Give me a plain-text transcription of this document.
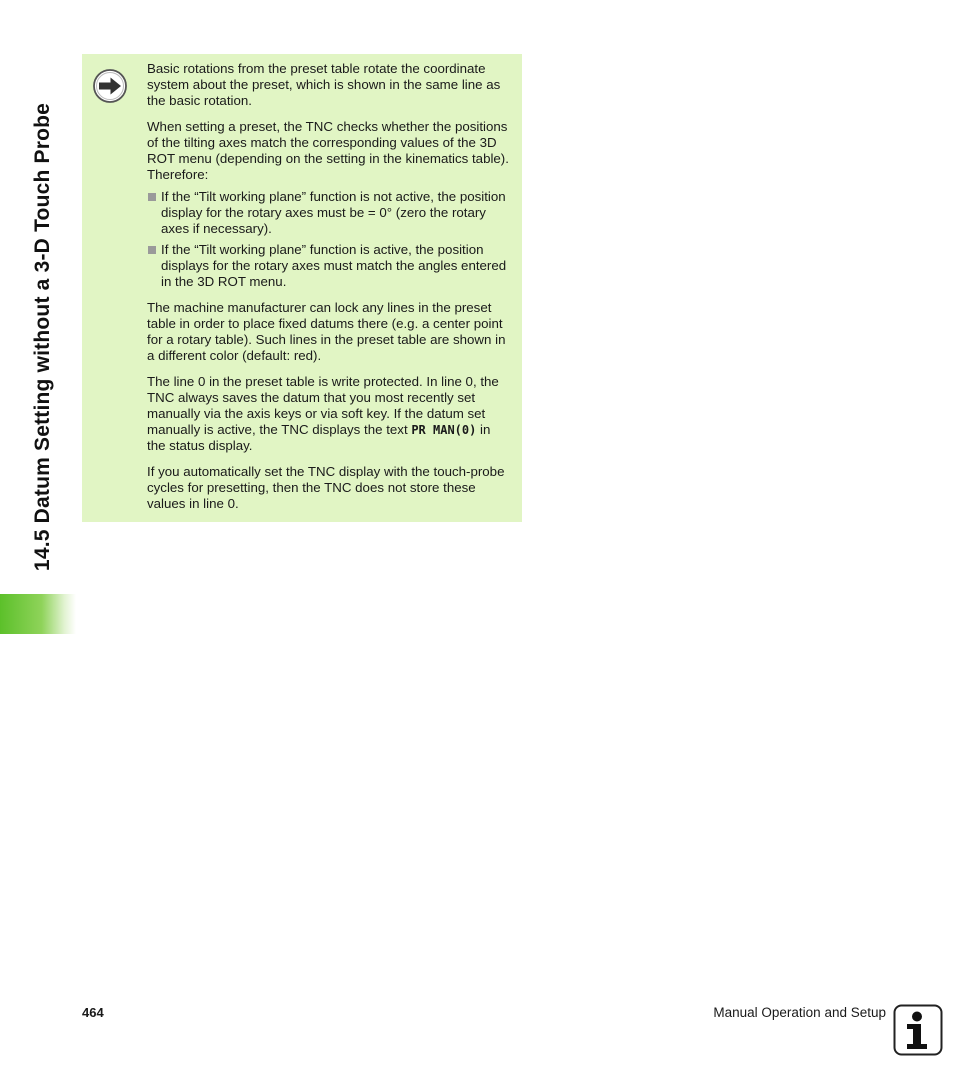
14.5 Datum Setting without a 3-D Touch Probe

Basic rotations from the preset table rotate the coordinate system about the preset, which is shown in the same line as the basic rotation.

When setting a preset, the TNC checks whether the positions of the tilting axes match the corresponding values of the 3D ROT menu (depending on the setting in the kinematics table). Therefore:

If the “Tilt working plane” function is not active, the position display for the rotary axes must be = 0° (zero the rotary axes if necessary).
If the “Tilt working plane” function is active, the position displays for the rotary axes must match the angles entered in the 3D ROT menu.

The machine manufacturer can lock any lines in the preset table in order to place fixed datums there (e.g. a center point for a rotary table). Such lines in the preset table are shown in a different color (default: red).

The line 0 in the preset table is write protected. In line 0, the TNC always saves the datum that you most recently set manually via the axis keys or via soft key. If the datum set manually is active, the TNC displays the text PR MAN(0) in the status display.

If you automatically set the TNC display with the touch-probe cycles for presetting, then the TNC does not store these values in line 0.

464	Manual Operation and Setup
